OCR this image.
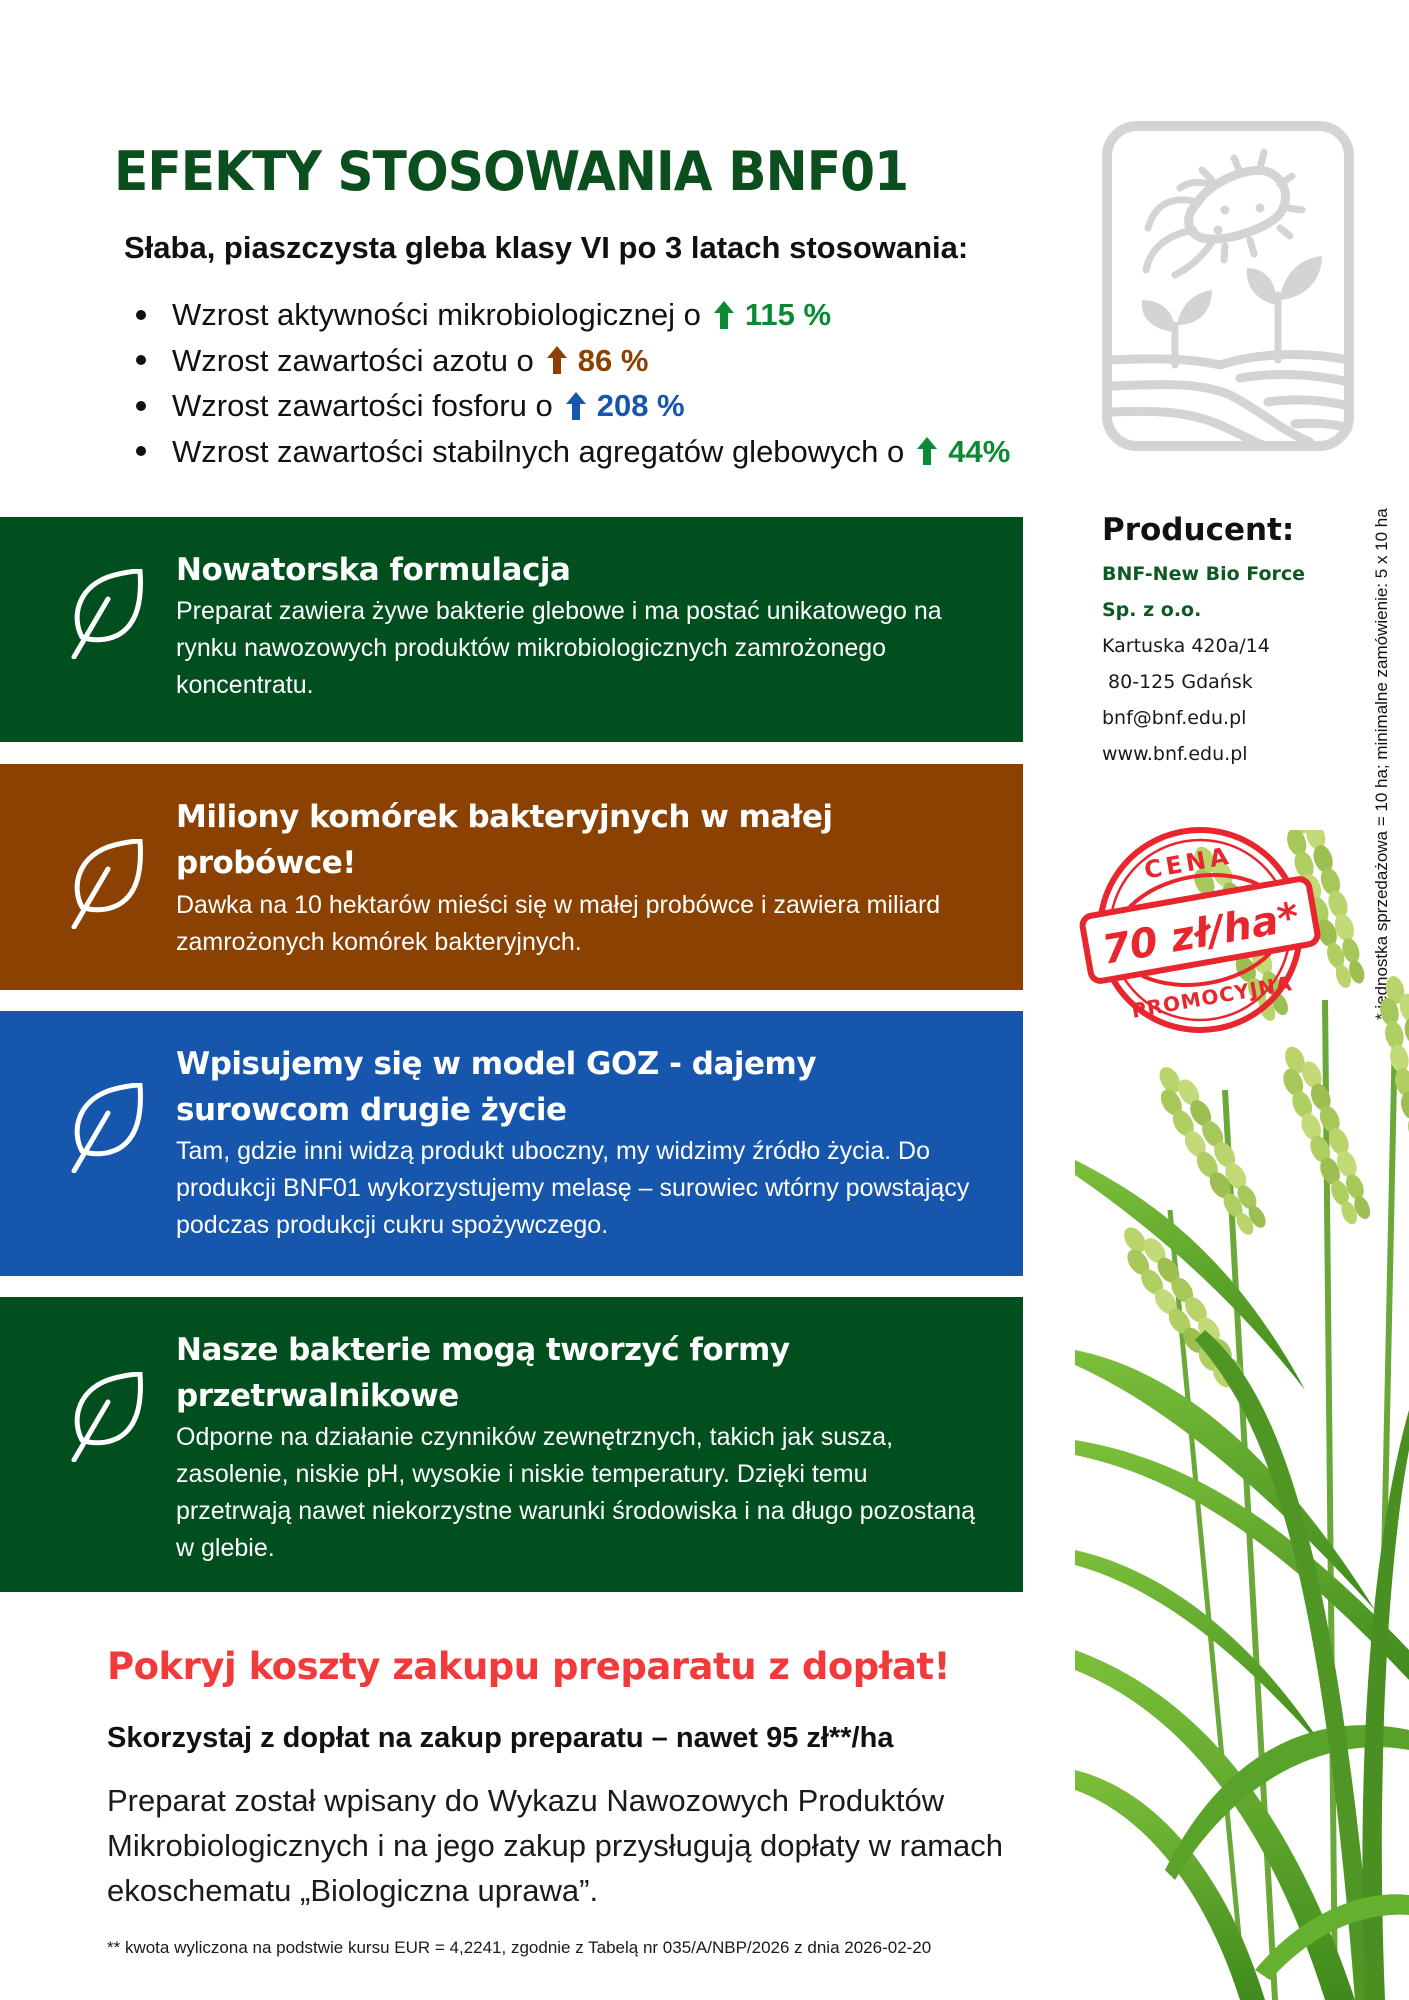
EFEKTY STOSOWANIA BNF01
Słaba, piaszczysta gleba klasy VI po 3 latach stosowania:
Wzrost aktywności mikrobiologicznej o 115 %
Wzrost zawartości azotu o 86 %
Wzrost zawartości fosforu o 208 %
Wzrost zawartości stabilnych agregatów glebowych o 44%
Producent:
BNF-New Bio Force
Sp. z o.o.
Kartuska 420a/14
80-125 Gdańsk
bnf@bnf.edu.pl
www.bnf.edu.pl	* jednostka sprzedażowa = 10 ha; minimalne zamówienie: 5 x 10 ha
CENA
70 zł/ha*
PROMOCYJNA
Nowatorska formulacja
Preparat zawiera żywe bakterie glebowe i ma postać unikatowego na rynku nawozowych produktów mikrobiologicznych zamrożonego koncentratu.
Miliony komórek bakteryjnych w małej probówce!
Dawka na 10 hektarów mieści się w małej probówce i zawiera miliard zamrożonych komórek bakteryjnych.
Wpisujemy się w model GOZ - dajemy surowcom drugie życie
Tam, gdzie inni widzą produkt uboczny, my widzimy źródło życia. Do produkcji BNF01 wykorzystujemy melasę – surowiec wtórny powstający podczas produkcji cukru spożywczego.
Nasze bakterie mogą tworzyć formy przetrwalnikowe
Odporne na działanie czynników zewnętrznych, takich jak susza, zasolenie, niskie pH, wysokie i niskie temperatury. Dzięki temu przetrwają nawet niekorzystne warunki środowiska i na długo pozostaną w glebie.
Pokryj koszty zakupu preparatu z dopłat!
Skorzystaj z dopłat na zakup preparatu – nawet 95 zł**/ha

Preparat został wpisany do Wykazu Nawozowych Produktów Mikrobiologicznych i na jego zakup przysługują dopłaty w ramach ekoschematu „Biologiczna uprawa”.

** kwota wyliczona na podstwie kursu EUR = 4,2241, zgodnie z Tabelą nr 035/A/NBP/2026 z dnia 2026-02-20
